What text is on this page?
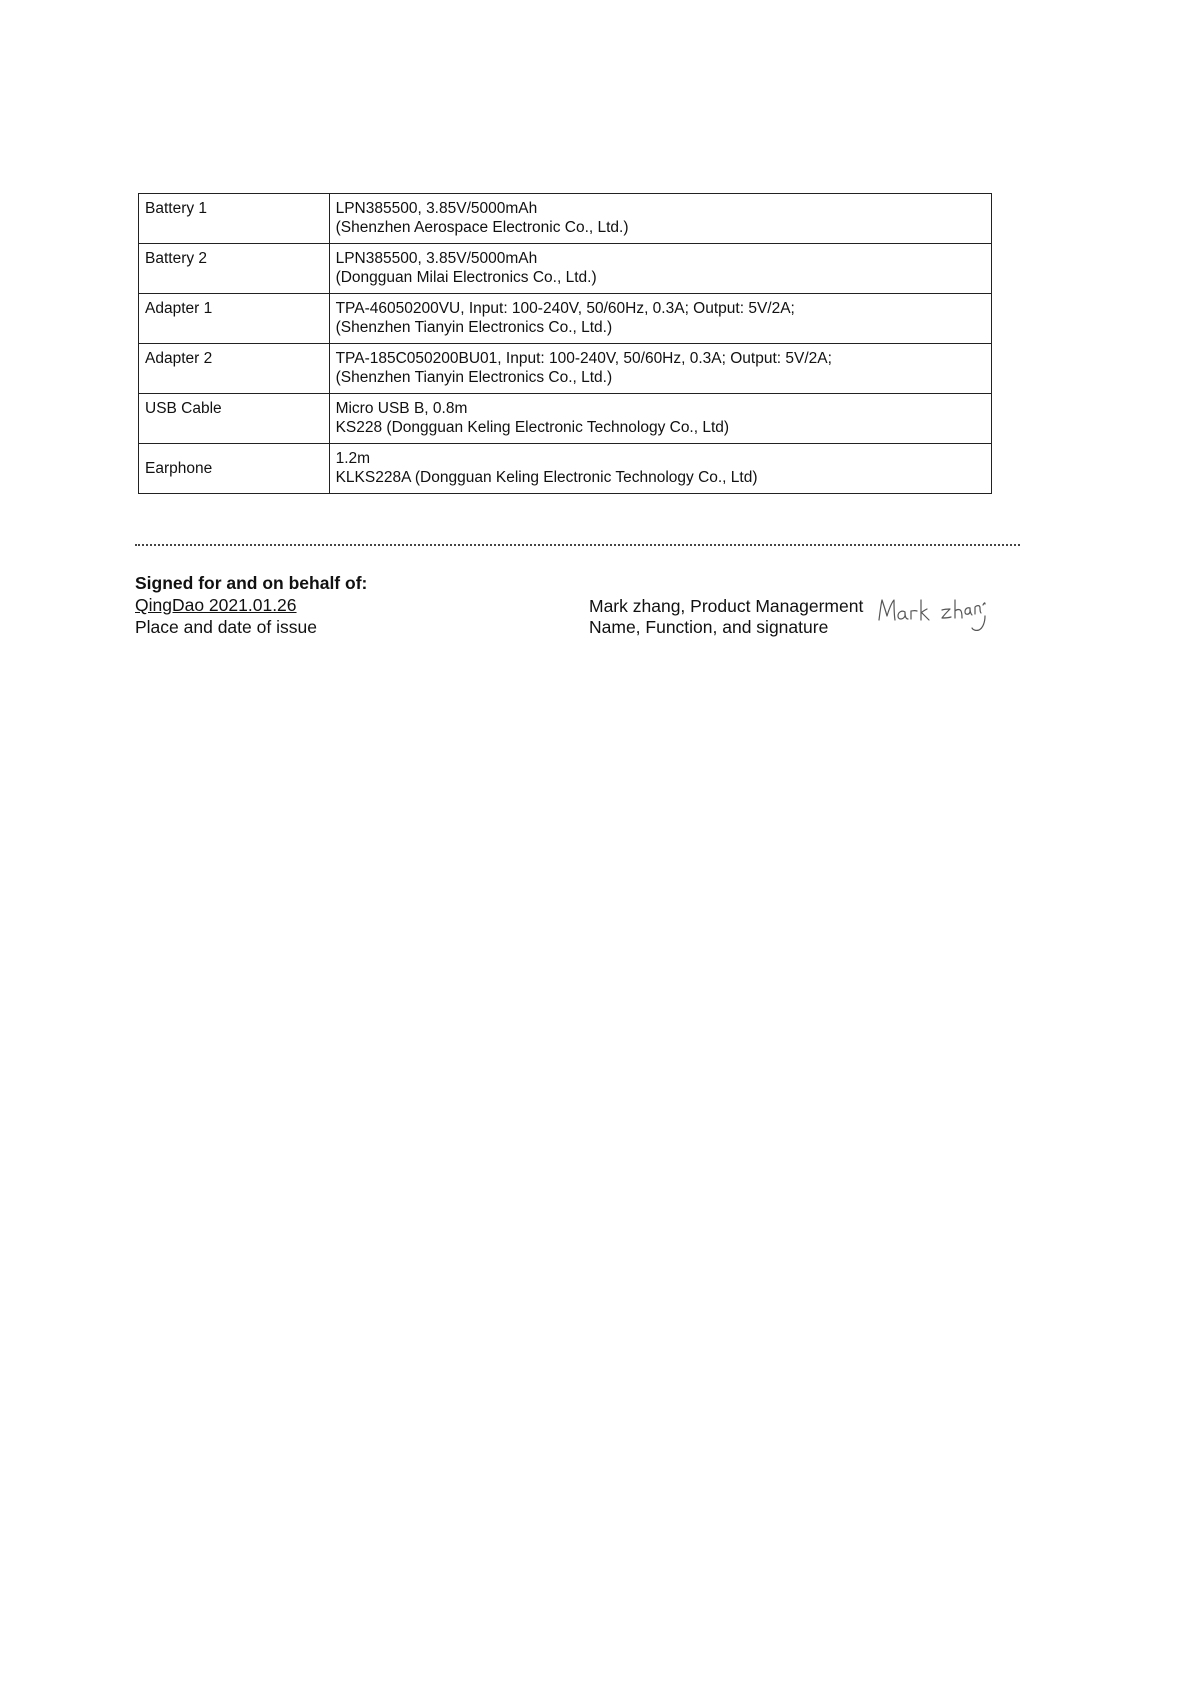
Battery 1	LPN385500, 3.85V/5000mAh
(Shenzhen Aerospace Electronic Co., Ltd.)

Battery 2	LPN385500, 3.85V/5000mAh
(Dongguan Milai Electronics Co., Ltd.)

Adapter 1	TPA-46050200VU, Input: 100-240V, 50/60Hz, 0.3A; Output: 5V/2A;
(Shenzhen Tianyin Electronics Co., Ltd.)

Adapter 2	TPA-185C050200BU01, Input: 100-240V, 50/60Hz, 0.3A; Output: 5V/2A;
(Shenzhen Tianyin Electronics Co., Ltd.)

USB Cable	Micro USB B, 0.8m
KS228 (Dongguan Keling Electronic Technology Co., Ltd)

Earphone	1.2m
KLKS228A (Dongguan Keling Electronic Technology Co., Ltd)
Signed for and on behalf of:
QingDao 2021.01.26
Place and date of issue
Mark zhang, Product Managerment
Name, Function, and signature
